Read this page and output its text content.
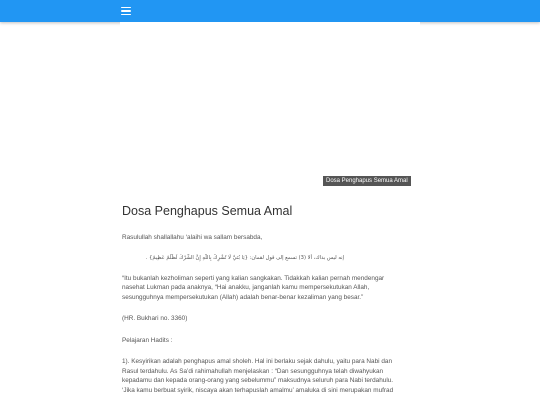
Dosa Penghapus Semua Amal
Dosa Penghapus Semua Amal

Rasulullah shallallahu ‘alaihi wa sallam bersabda,

إنه ليس بذاك، ألا (3) تسمع إلى قول لقمان: {يَا بُنَيَّ لَا تُشْرِكْ بِاللَّهِ إِنَّ الشِّرْكَ لَظُلْمٌ عَظِيمٌ} .

“Itu bukanlah kezholiman seperti yang kalian sangkakan. Tidakkah kalian pernah mendengar
nasehat Lukman pada anaknya, “Hai anakku, janganlah kamu mempersekutukan Allah,
sesungguhnya mempersekutukan (Allah) adalah benar-benar kezaliman yang besar.”

(HR. Bukhari no. 3360)

Pelajaran Hadits :

1). Kesyirikan adalah penghapus amal sholeh. Hal ini berlaku sejak dahulu, yaitu para Nabi dan
Rasul terdahulu. As Sa’di rahimahullah menjelaskan : “Dan sesungguhnya telah diwahyukan
kepadamu dan kepada orang-orang yang sebelummu” maksudnya seluruh para Nabi terdahulu.
‘Jika kamu berbuat syirik, niscaya akan terhapuslah amalmu’ amaluka di sini merupakan mufrad
